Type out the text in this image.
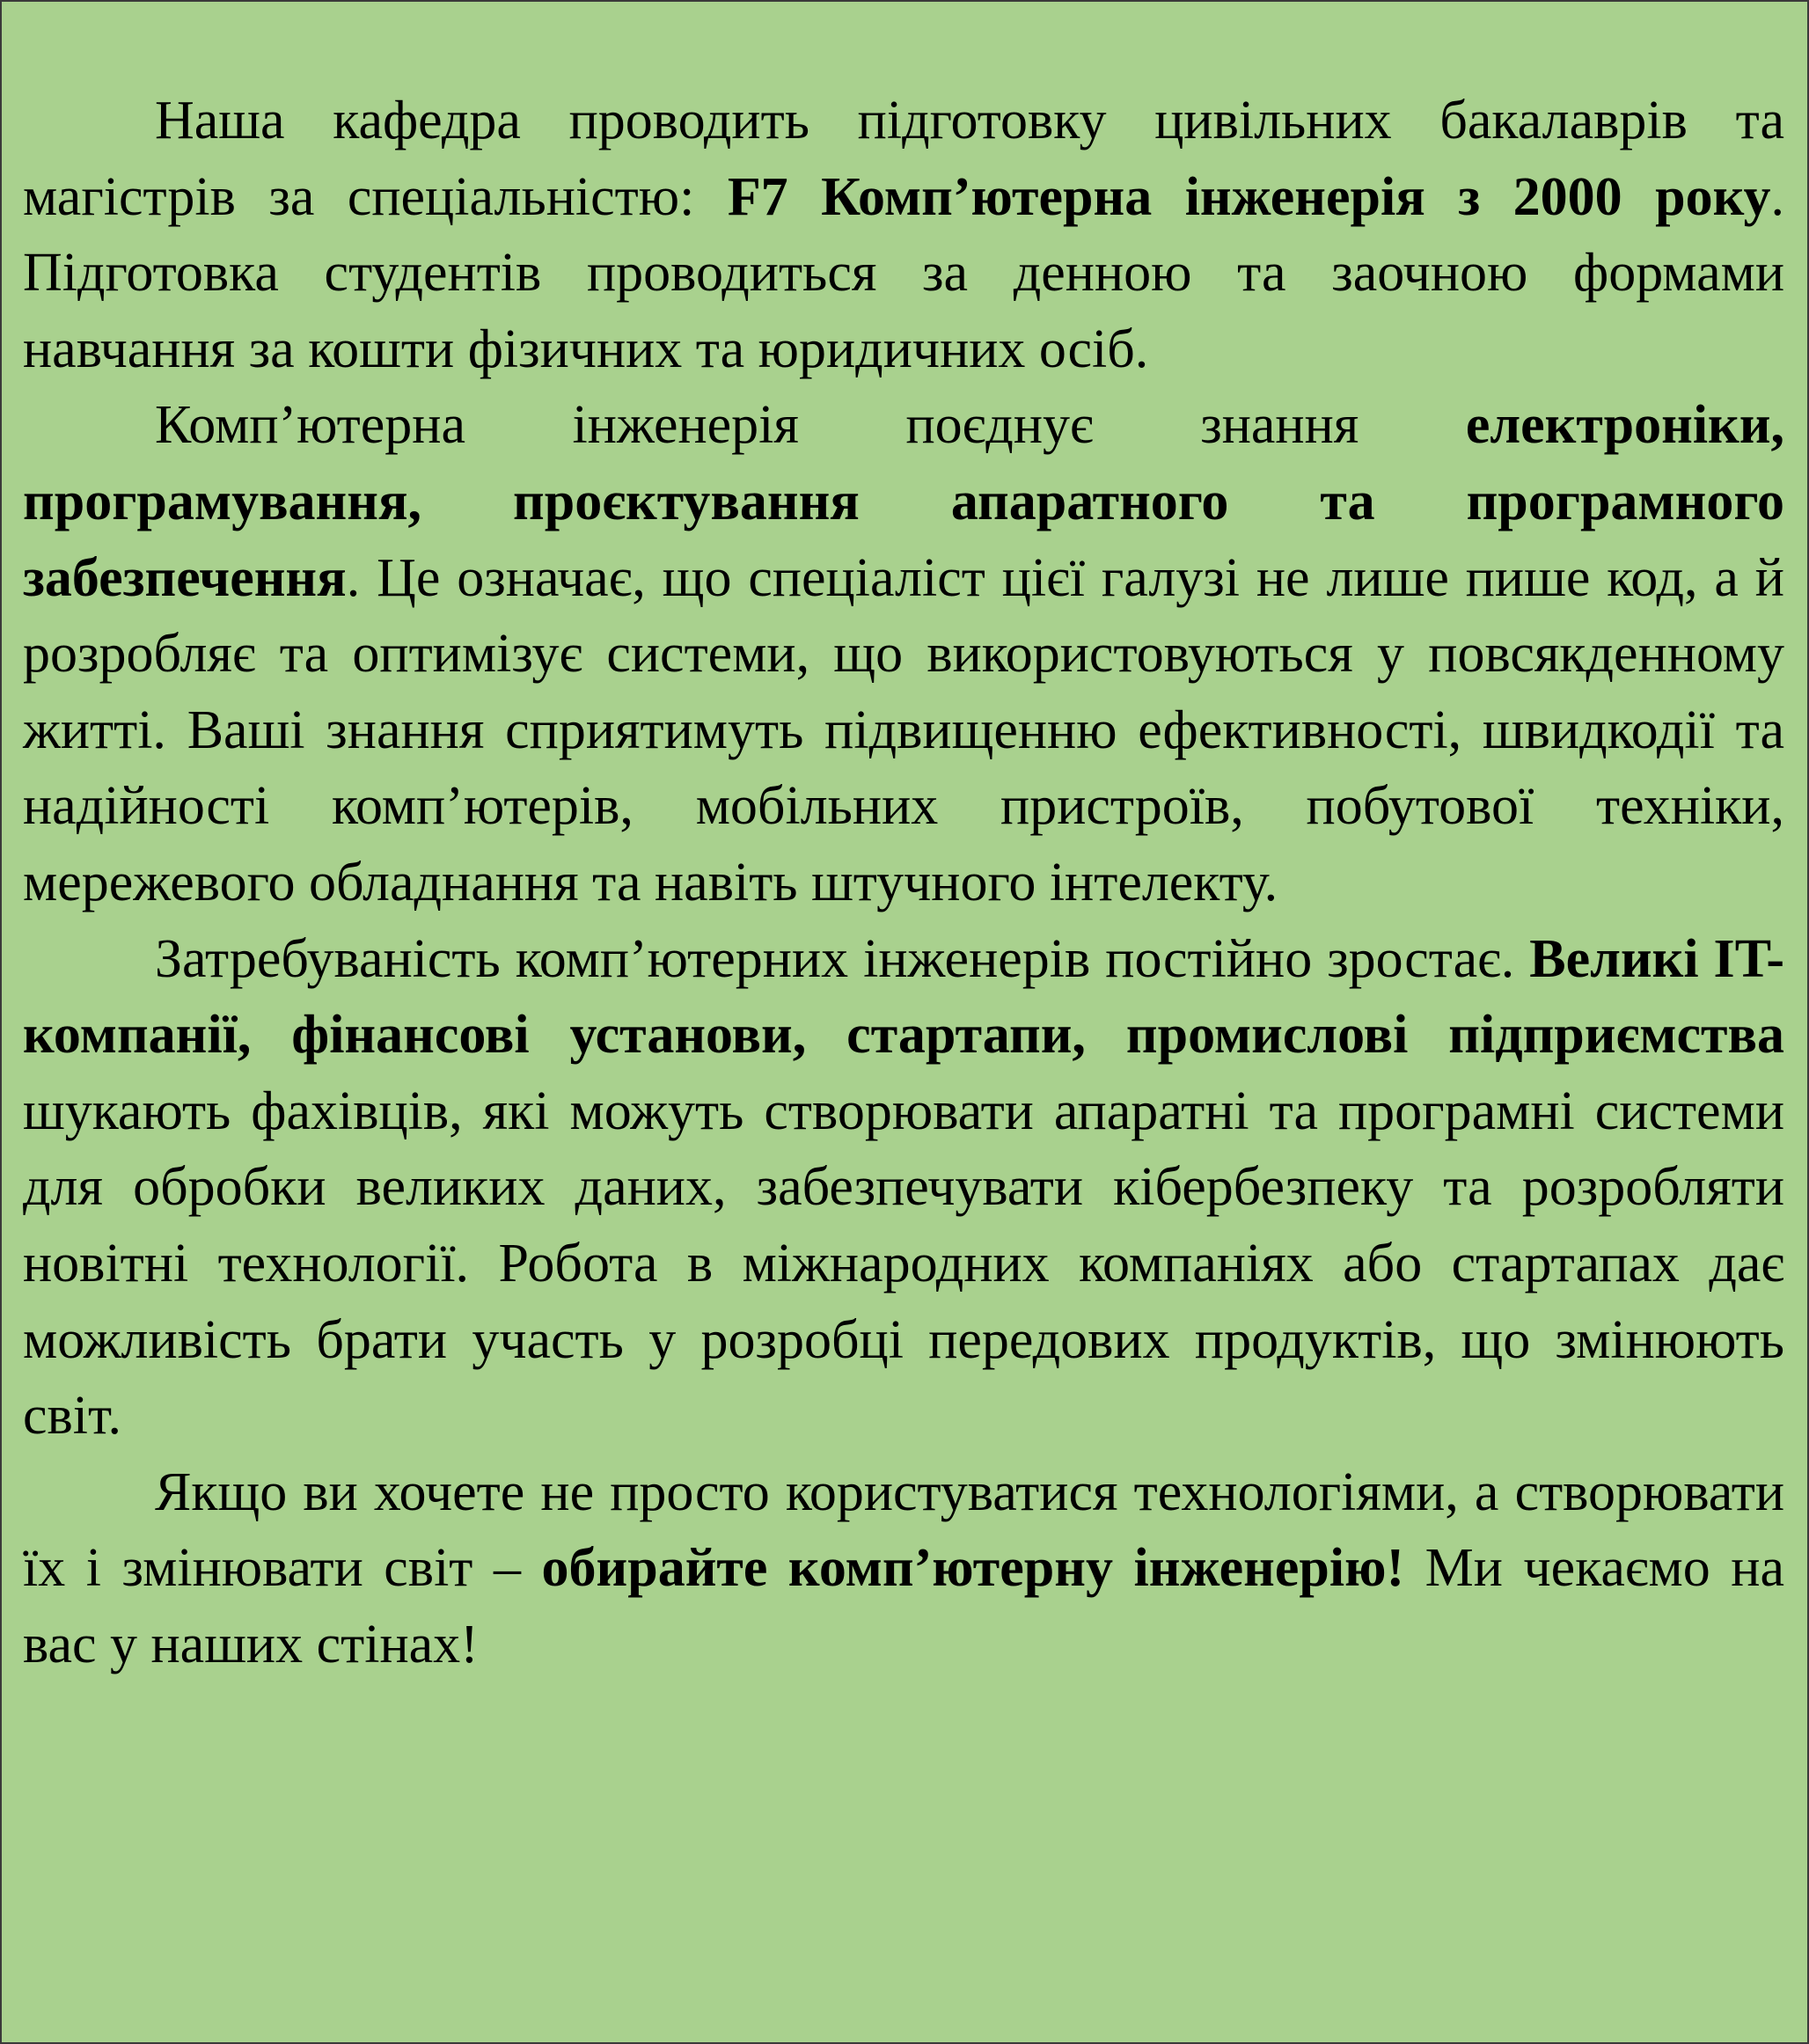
Наша кафедра проводить підготовку цивільних бакалаврів та магістрів за спеціальністю: F7 Комп’ютерна інженерія з 2000 року. Підготовка студентів проводиться за денною та заочною формами навчання за кошти фізичних та юридичних осіб.

Комп’ютерна інженерія поєднує знання електроніки, програмування, проєктування апаратного та програмного забезпечення. Це означає, що спеціаліст цієї галузі не лише пише код, а й розробляє та оптимізує системи, що використовуються у повсякденному житті. Ваші знання сприятимуть підвищенню ефективності, швидкодії та надійності комп’ютерів, мобільних пристроїв, побутової техніки, мережевого обладнання та навіть штучного інтелекту.

Затребуваність комп’ютерних інженерів постійно зростає. Великі IT-компанії, фінансові установи, стартапи, промислові підприємства шукають фахівців, які можуть створювати апаратні та програмні системи для обробки великих даних, забезпечувати кібербезпеку та розробляти новітні технології. Робота в міжнародних компаніях або стартапах дає можливість брати участь у розробці передових продуктів, що змінюють світ.

Якщо ви хочете не просто користуватися технологіями, а створювати їх і змінювати світ – обирайте комп’ютерну інженерію! Ми чекаємо на вас у наших стінах!
